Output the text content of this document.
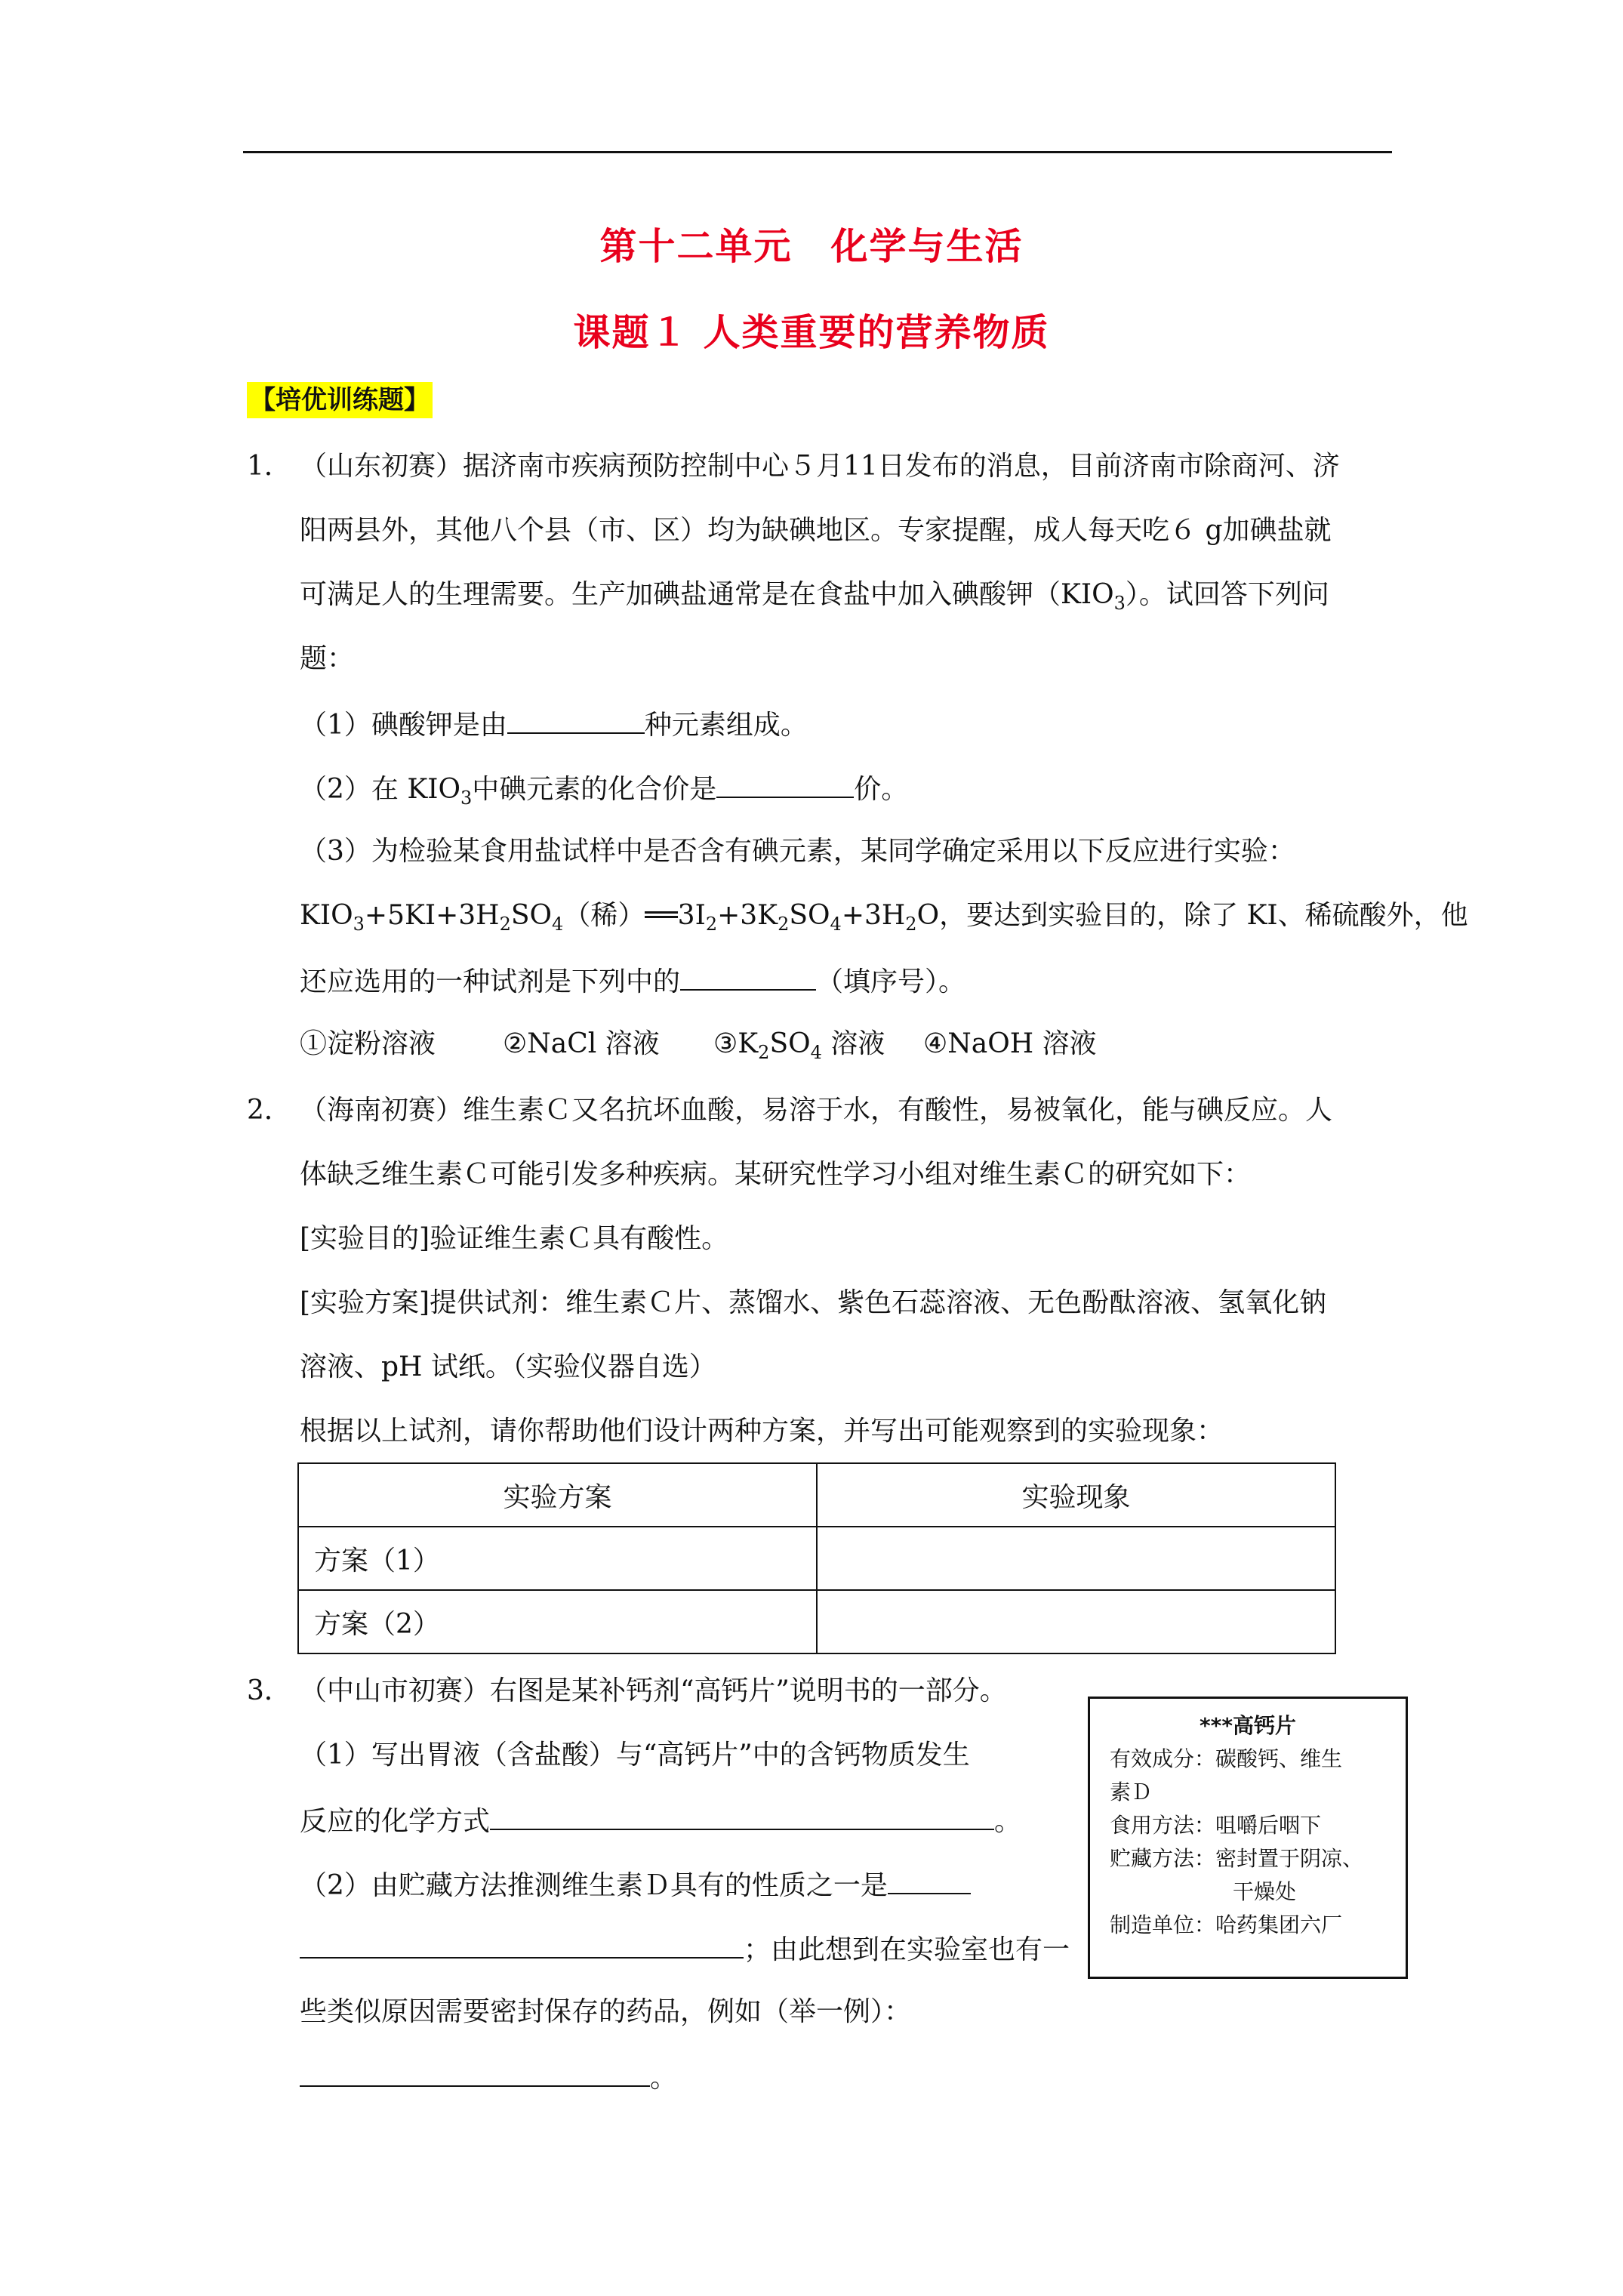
第十二单元　化学与生活
课题１ 人类重要的营养物质
【培优训练题】
1． （山东初赛）据济南市疾病预防控制中心５月11日发布的消息，目前济南市除商河、济
阳两县外，其他八个县（市、区）均为缺碘地区。专家提醒，成人每天吃６ g加碘盐就
可满足人的生理需要。生产加碘盐通常是在食盐中加入碘酸钾$(KIO_3)$。试回答下列问
题：
（1）碘酸钾是由	种元素组成。
（2）在 $KIO_3$中碘元素的化合价是	价。
（3）为检验某食用盐试样中是否含有碘元素，某同学确定采用以下反应进行实验：
$KIO_3+5KI+3H_2SO_4$（稀）$══3I_2+3K_2SO_4+3H_2O$，要达到实验目的，除了 KI、稀硫酸外，他
还应选用的一种试剂是下列中的	（填序号）。
①淀粉溶液 ②NaCl 溶液 $③K_2SO_4$ 溶液 ④NaOH 溶液
2． （海南初赛）维生素Ｃ又名抗坏血酸，易溶于水，有酸性，易被氧化，能与碘反应。人
体缺乏维生素Ｃ可能引发多种疾病。某研究性学习小组对维生素Ｃ的研究如下：
[实验目的]验证维生素Ｃ具有酸性。
[实验方案]提供试剂：维生素Ｃ片、蒸馏水、紫色石蕊溶液、无色酚酞溶液、氢氧化钠
溶液、pH 试纸。（实验仪器自选）
根据以上试剂，请你帮助他们设计两种方案，并写出可能观察到的实验现象：
实验方案	实验现象
方案（1）	
方案（2）	
3． （中山市初赛）右图是某补钙剂“高钙片”说明书的一部分。
（1）写出胃液（含盐酸）与“高钙片”中的含钙物质发生
反应的化学方式	。
（2）由贮藏方法推测维生素Ｄ具有的性质之一是
；由此想到在实验室也有一
些类似原因需要密封保存的药品，例如（举一例）：
。
***高钙片
有效成分：碳酸钙、维生
素Ｄ
食用方法：咀嚼后咽下
贮藏方法：密封置于阴凉、
干燥处
制造单位：哈药集团六厂
